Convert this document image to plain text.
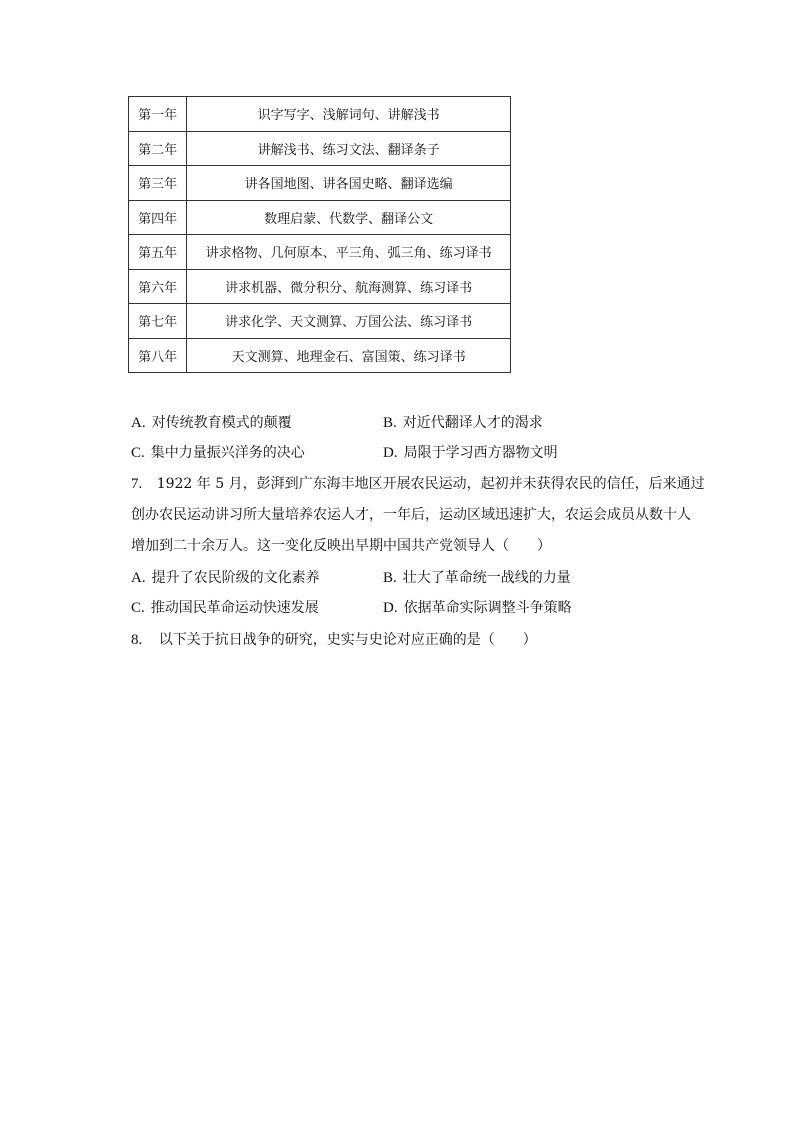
第一年	识字写字、浅解词句、讲解浅书
第二年	讲解浅书、练习文法、翻译条子
第三年	讲各国地图、讲各国史略、翻译选编
第四年	数理启蒙、代数学、翻译公文
第五年	讲求格物、几何原本、平三角、弧三角、练习译书
第六年	讲求机器、微分积分、航海测算、练习译书
第七年	讲求化学、天文测算、万国公法、练习译书
第八年	天文测算、地理金石、富国策、练习译书
A. 对传统教育模式的颠覆	B. 对近代翻译人才的渴求
C. 集中力量振兴洋务的决心	D. 局限于学习西方器物文明
7. 1922 年 5 月，彭湃到广东海丰地区开展农民运动，起初并未获得农民的信任，后来通过
创办农民运动讲习所大量培养农运人才，一年后，运动区域迅速扩大，农运会成员从数十人
增加到二十余万人。这一变化反映出早期中国共产党领导人（　　）
A. 提升了农民阶级的文化素养	B. 壮大了革命统一战线的力量
C. 推动国民革命运动快速发展	D. 依据革命实际调整斗争策略
8. 以下关于抗日战争的研究，史实与史论对应正确的是（　　）
